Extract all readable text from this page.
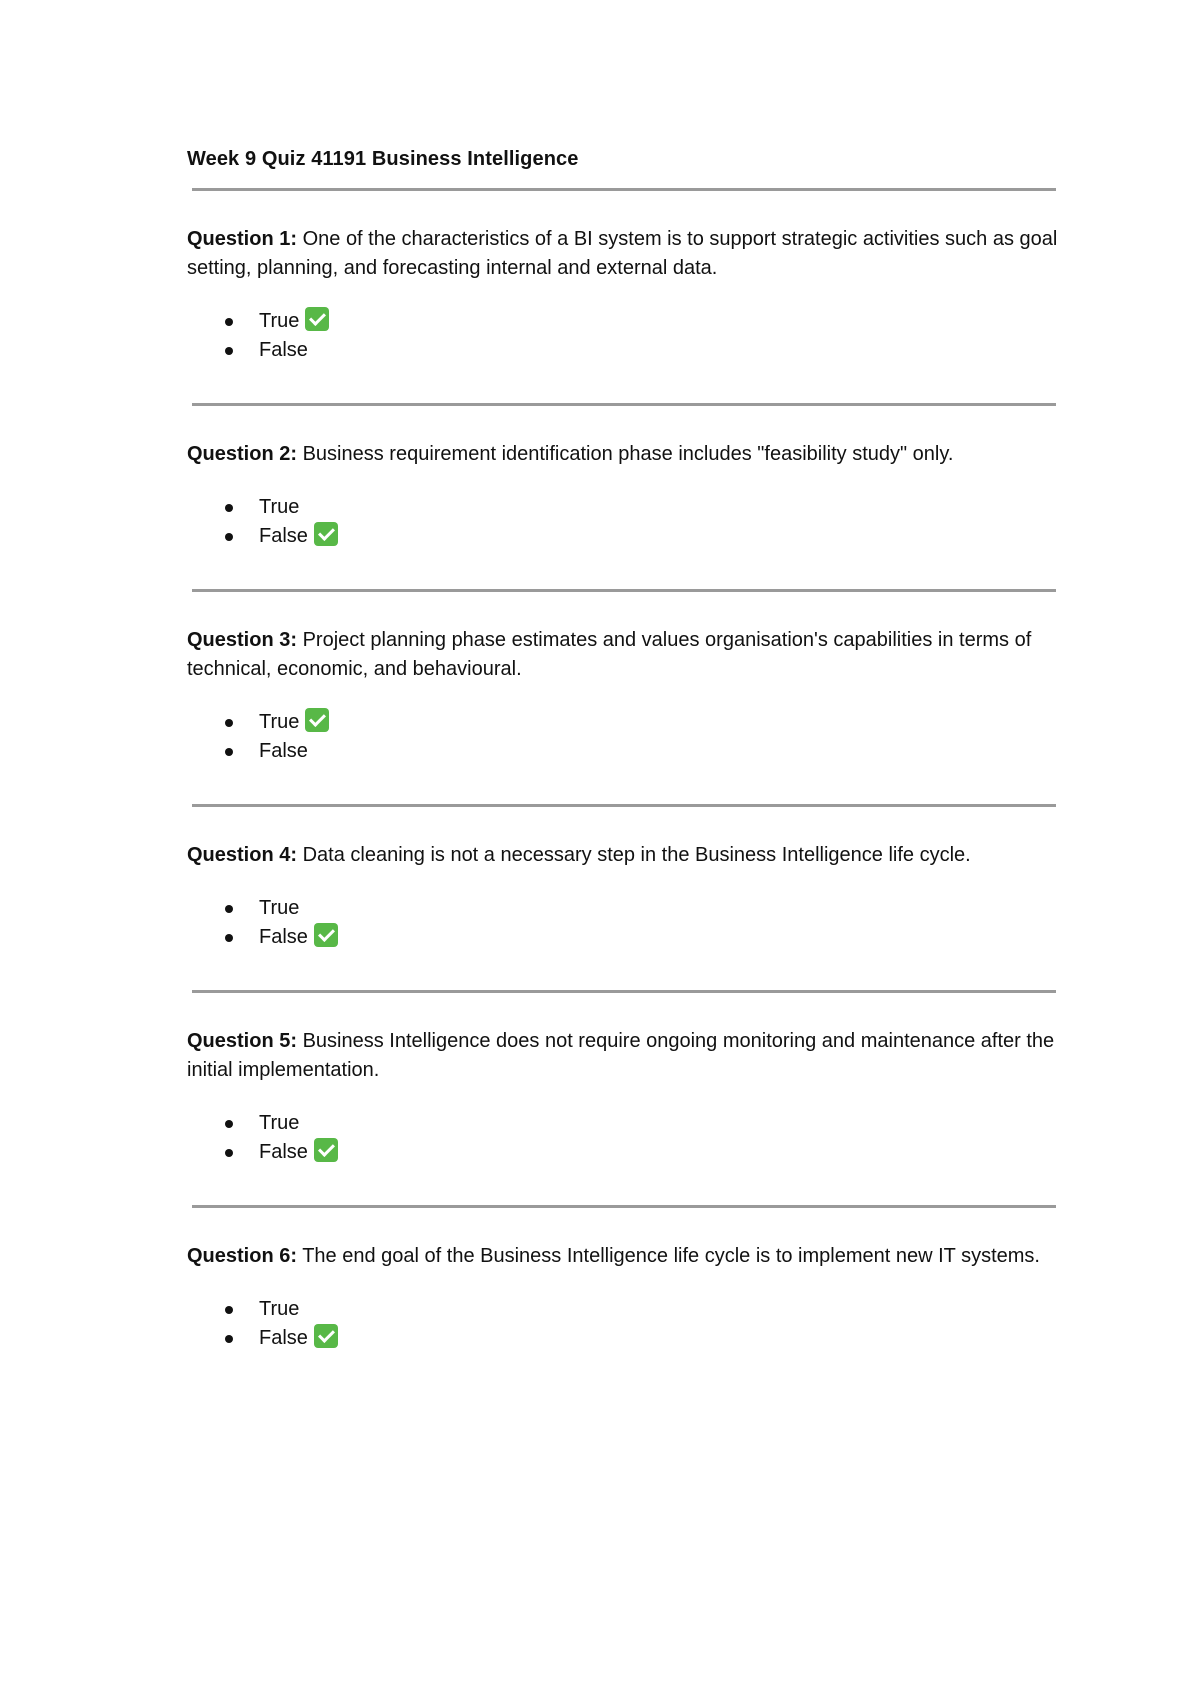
Week 9 Quiz 41191 Business Intelligence

Question 1: One of the characteristics of a BI system is to support strategic activities such as goal setting, planning, and forecasting internal and external data.

True
False

Question 2: Business requirement identification phase includes "feasibility study" only.

True
False

Question 3: Project planning phase estimates and values organisation's capabilities in terms of technical, economic, and behavioural.

True
False

Question 4: Data cleaning is not a necessary step in the Business Intelligence life cycle.

True
False

Question 5: Business Intelligence does not require ongoing monitoring and maintenance after the initial implementation.

True
False

Question 6: The end goal of the Business Intelligence life cycle is to implement new IT systems.

True
False
